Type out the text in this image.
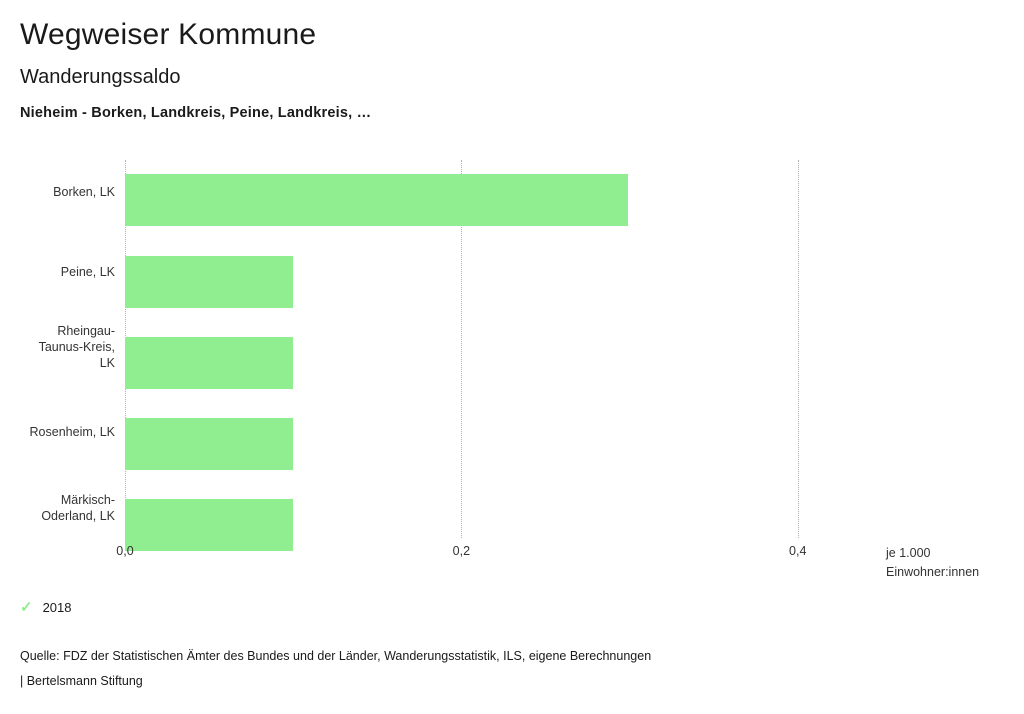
Wegweiser Kommune
Wanderungssaldo
Nieheim - Borken, Landkreis, Peine, Landkreis, …
Borken, LK
Peine, LK
Rheingau-
Taunus-Kreis,
LK
Rosenheim, LK
Märkisch-
Oderland, LK
0,0	0,2	0,4	je 1.000
Einwohner:innen
✓ 2018
Quelle: FDZ der Statistischen Ämter des Bundes und der Länder, Wanderungsstatistik, ILS, eigene Berechnungen
| Bertelsmann Stiftung
